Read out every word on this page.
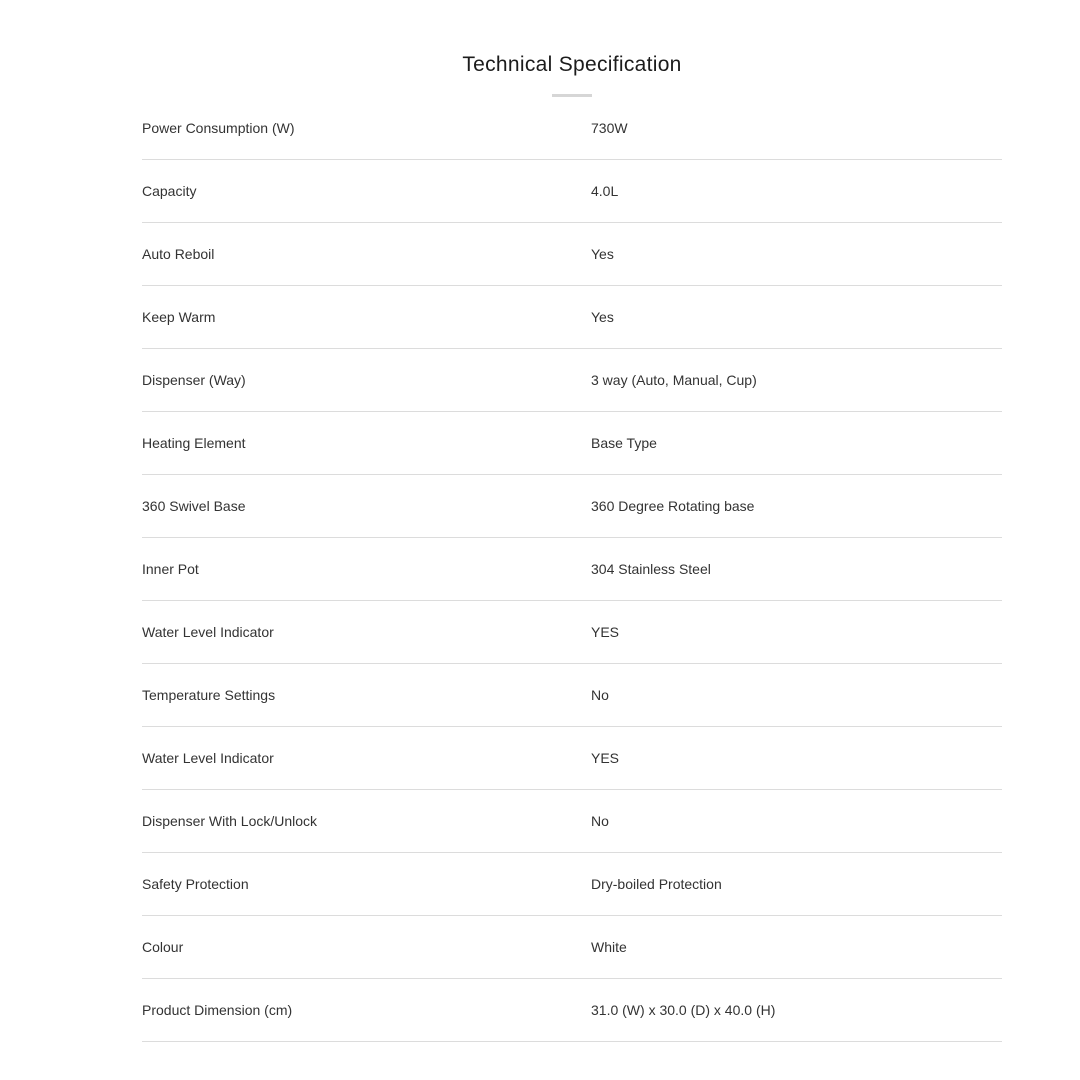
Technical Specification
Power Consumption (W)	730W
Capacity	4.0L
Auto Reboil	Yes
Keep Warm	Yes
Dispenser (Way)	3 way (Auto, Manual, Cup)
Heating Element	Base Type
360 Swivel Base	360 Degree Rotating base
Inner Pot	304 Stainless Steel
Water Level Indicator	YES
Temperature Settings	No
Water Level Indicator	YES
Dispenser With Lock/Unlock	No
Safety Protection	Dry-boiled Protection
Colour	White
Product Dimension (cm)	31.0 (W) x 30.0 (D) x 40.0 (H)
